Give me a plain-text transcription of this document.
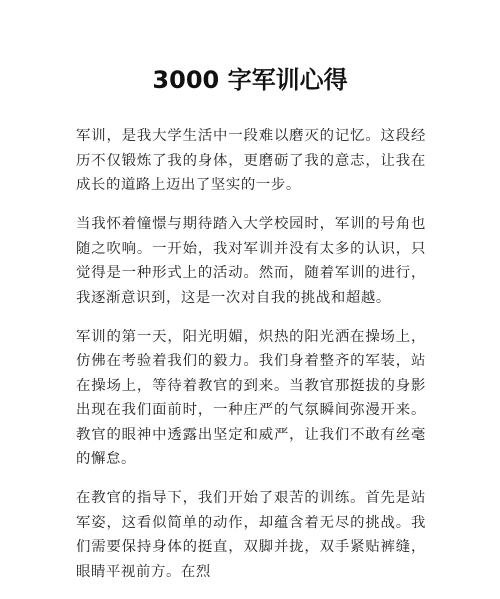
3000 字军训心得

军训，是我大学生活中一段难以磨灭的记忆。这段经历不仅锻炼了我的身体，更磨砺了我的意志，让我在成长的道路上迈出了坚实的一步。

当我怀着憧憬与期待踏入大学校园时，军训的号角也随之吹响。一开始，我对军训并没有太多的认识，只觉得是一种形式上的活动。然而，随着军训的进行，我逐渐意识到，这是一次对自我的挑战和超越。

军训的第一天，阳光明媚，炽热的阳光洒在操场上，仿佛在考验着我们的毅力。我们身着整齐的军装，站在操场上，等待着教官的到来。当教官那挺拔的身影出现在我们面前时，一种庄严的气氛瞬间弥漫开来。教官的眼神中透露出坚定和威严，让我们不敢有丝毫的懈怠。

在教官的指导下，我们开始了艰苦的训练。首先是站军姿，这看似简单的动作，却蕴含着无尽的挑战。我们需要保持身体的挺直，双脚并拢，双手紧贴裤缝，眼睛平视前方。在烈
